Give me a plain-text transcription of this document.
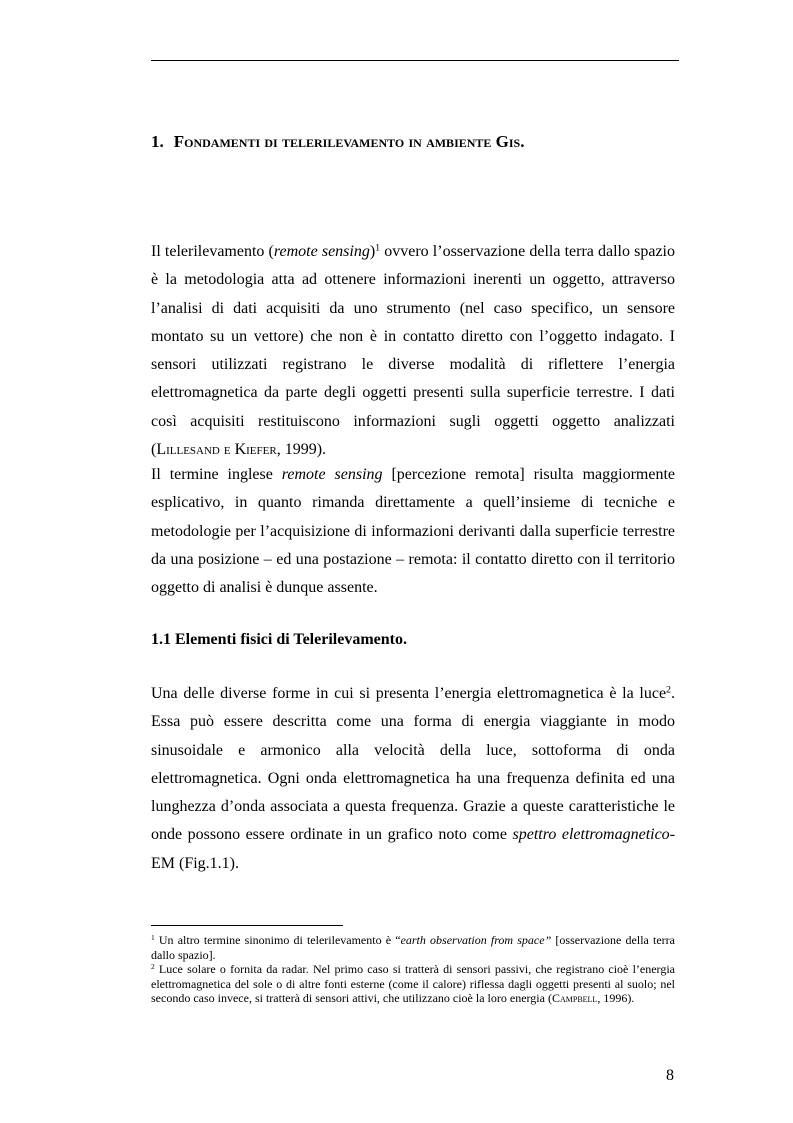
1. Fondamenti di telerilevamento in ambiente Gis.
Il telerilevamento (remote sensing)$^1$ ovvero l’osservazione della terra dallo spazio è la metodologia atta ad ottenere informazioni inerenti un oggetto, attraverso l’analisi di dati acquisiti da uno strumento (nel caso specifico, un sensore montato su un vettore) che non è in contatto diretto con l’oggetto indagato. I sensori utilizzati registrano le diverse modalità di riflettere l’energia elettromagnetica da parte degli oggetti presenti sulla superficie terrestre. I dati così acquisiti restituiscono informazioni sugli oggetti oggetto analizzati (Lillesand e Kiefer, 1999).
Il termine inglese remote sensing [percezione remota] risulta maggiormente esplicativo, in quanto rimanda direttamente a quell’insieme di tecniche e metodologie per l’acquisizione di informazioni derivanti dalla superficie terrestre da una posizione – ed una postazione – remota: il contatto diretto con il territorio oggetto di analisi è dunque assente.
1.1 Elementi fisici di Telerilevamento.
Una delle diverse forme in cui si presenta l’energia elettromagnetica è la luce$^2$. Essa può essere descritta come una forma di energia viaggiante in modo sinusoidale e armonico alla velocità della luce, sottoforma di onda elettromagnetica. Ogni onda elettromagnetica ha una frequenza definita ed una lunghezza d’onda associata a questa frequenza. Grazie a queste caratteristiche le onde possono essere ordinate in un grafico noto come spettro elettromagnetico-EM (Fig.1.1).

$^1$ Un altro termine sinonimo di telerilevamento è “earth observation from space” [osservazione della terra dallo spazio].

$^2$ Luce solare o fornita da radar. Nel primo caso si tratterà di sensori passivi, che registrano cioè l’energia elettromagnetica del sole o di altre fonti esterne (come il calore) riflessa dagli oggetti presenti al suolo; nel secondo caso invece, si tratterà di sensori attivi, che utilizzano cioè la loro energia (Campbell, 1996).

8
